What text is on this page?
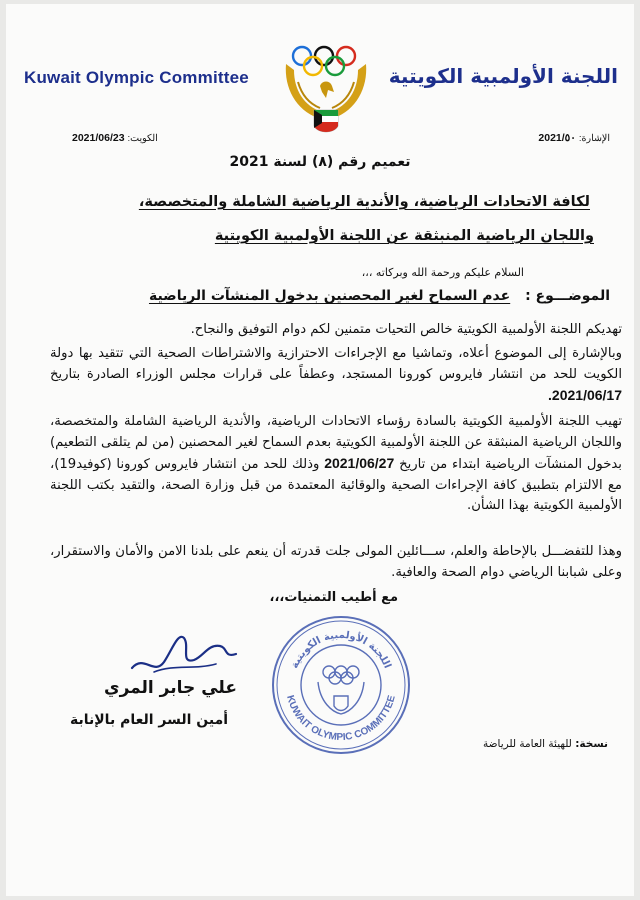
Kuwait Olympic Committee	اللجنة الأولمبية الكويتية
الإشارة: 2021/٥٠
الكويت: 2021/06/23
تعميم رقم (٨) لسنة 2021
لكافة الاتحادات الرياضية، والأندية الرياضية الشاملة والمتخصصة،
واللجان الرياضية المنبثقة عن اللجنة الأولمبية الكويتية
السلام عليكم ورحمة الله وبركاته ،،،
الموضـــوع : عدم السماح لغير المحصنين بدخول المنشآت الرياضية
تهديكم اللجنة الأولمبية الكويتية خالص التحيات متمنين لكم دوام التوفيق والنجاح.
وبالإشارة إلى الموضوع أعلاه، وتماشيا مع الإجراءات الاحترازية والاشتراطات الصحية التي تتقيد بها دولة الكويت للحد من انتشار فايروس كورونا المستجد، وعطفاً على قرارات مجلس الوزراء الصادرة بتاريخ 2021/06/17.
تهيب اللجنة الأولمبية الكويتية بالسادة رؤساء الاتحادات الرياضية، والأندية الرياضية الشاملة والمتخصصة، واللجان الرياضية المنبثقة عن اللجنة الأولمبية الكويتية بعدم السماح لغير المحصنين (من لم يتلقى التطعيم) بدخول المنشآت الرياضية ابتداء من تاريخ 2021/06/27 وذلك للحد من انتشار فايروس كورونا (كوفيد19)، مع الالتزام بتطبيق كافة الإجراءات الصحية والوقائية المعتمدة من قبل وزارة الصحة، والتقيد بكتب اللجنة الأولمبية الكويتية بهذا الشأن.
وهذا للتفضـــل بالإحاطة والعلم، ســـائلين المولى جلت قدرته أن ينعم على بلدنا الامن والأمان والاستقرار، وعلى شبابنا الرياضي دوام الصحة والعافية.
مع أطيب التمنيات،،،
اللجنة الأولمبية الكويتية
KUWAIT OLYMPIC COMMITTEE
علي جابر المري
أمين السر العام بالإنابة
نسخة: للهيئة العامة للرياضة
